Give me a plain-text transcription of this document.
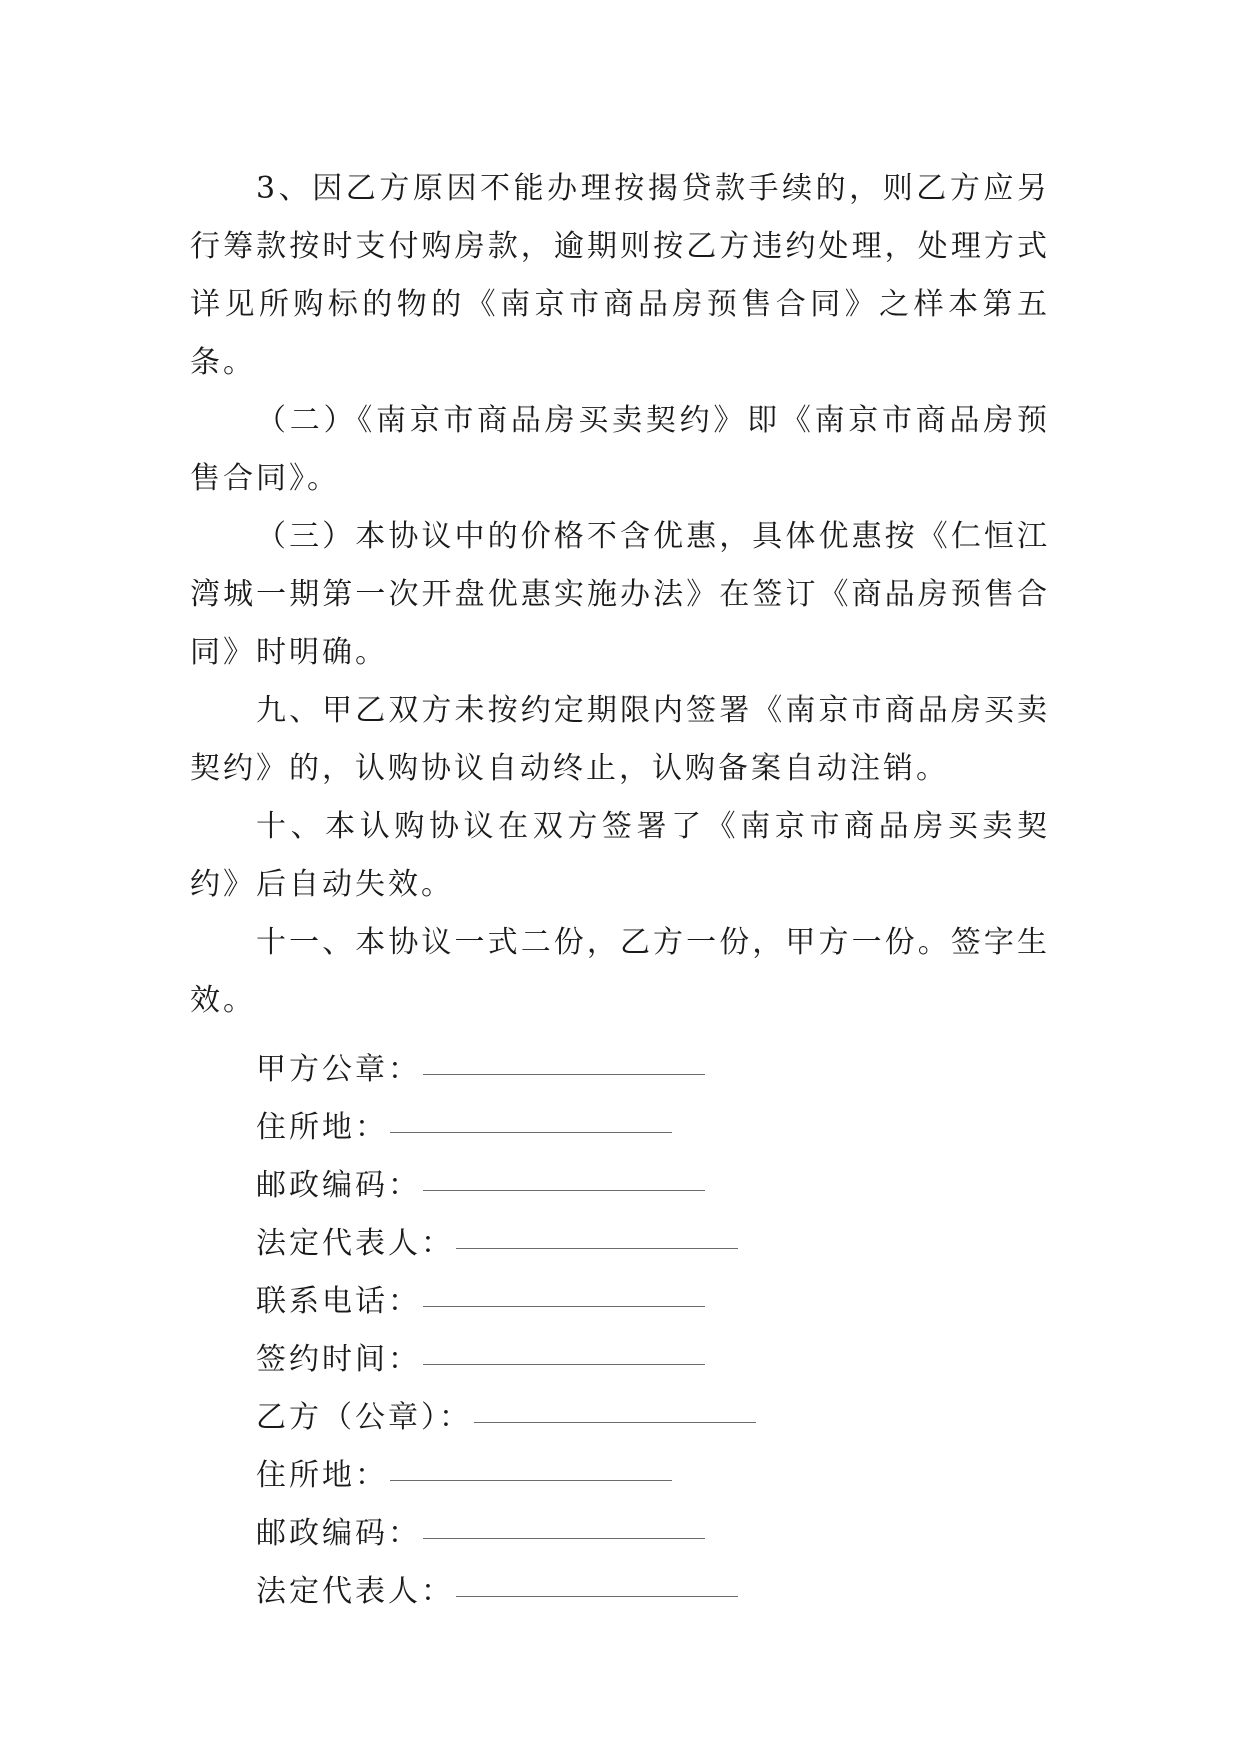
3、因乙方原因不能办理按揭贷款手续的，则乙方应另行筹款按时支付购房款，逾期则按乙方违约处理，处理方式详见所购标的物的《南京市商品房预售合同》之样本第五条。

（二）《南京市商品房买卖契约》即《南京市商品房预售合同》。

（三）本协议中的价格不含优惠，具体优惠按《仁恒江湾城一期第一次开盘优惠实施办法》在签订《商品房预售合同》时明确。

九、甲乙双方未按约定期限内签署《南京市商品房买卖契约》的，认购协议自动终止，认购备案自动注销。

十、本认购协议在双方签署了《南京市商品房买卖契约》后自动失效。

十一、本协议一式二份，乙方一份，甲方一份。签字生效。

甲方公章：
住所地：
邮政编码：
法定代表人：
联系电话：
签约时间：
乙方（公章）：
住所地：
邮政编码：
法定代表人：
